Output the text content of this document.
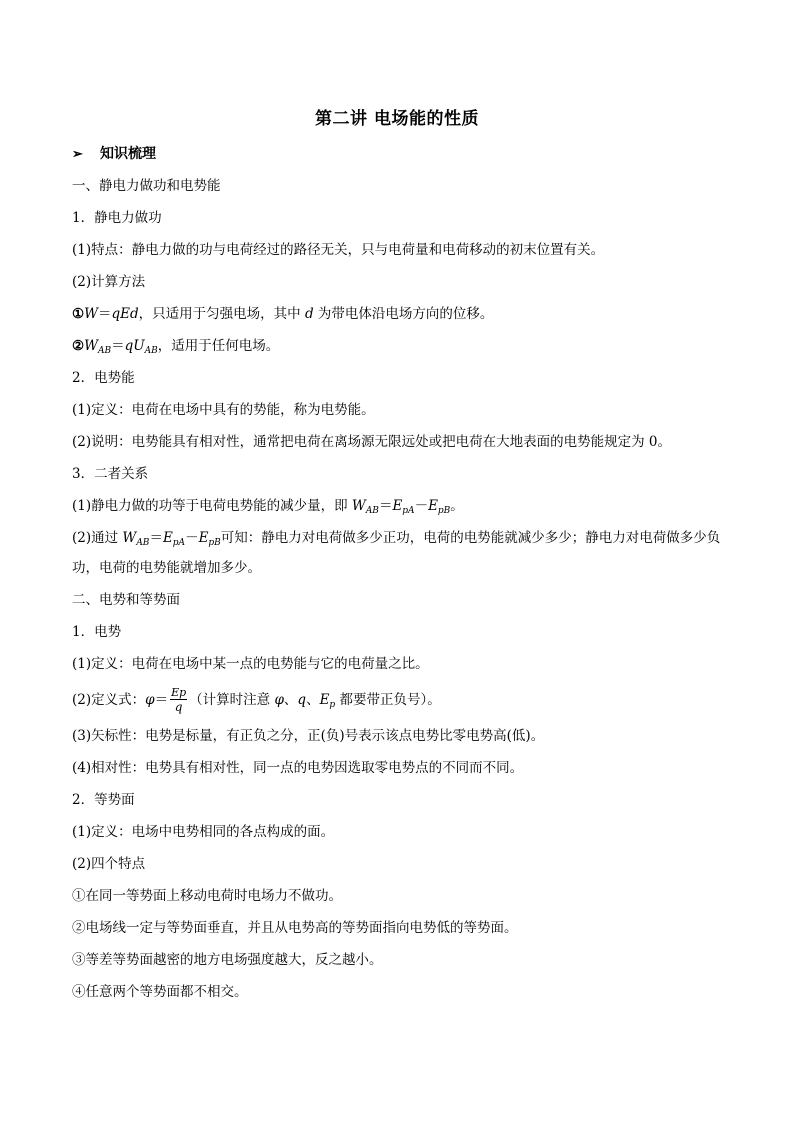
第二讲 电场能的性质
➢ 知识梳理
一、静电力做功和电势能
1．静电力做功
(1)特点：静电力做的功与电荷经过的路径无关，只与电荷量和电荷移动的初末位置有关。
(2)计算方法
①W＝qEd，只适用于匀强电场，其中 d 为带电体沿电场方向的位移。
$②W_{AB}=qU_{AB}$，适用于任何电场。
2．电势能
(1)定义：电荷在电场中具有的势能，称为电势能。
(2)说明：电势能具有相对性，通常把电荷在离场源无限远处或把电荷在大地表面的电势能规定为 0。
3．二者关系
(1)静电力做的功等于电荷电势能的减少量，即 $W_{AB}=E_{pA}-E_{pB}$。
(2)通过 $W_{AB}=E_{pA}-E_{pB}$可知：静电力对电荷做多少正功，电荷的电势能就减少多少；静电力对电荷做多少负
功，电荷的电势能就增加多少。
二、电势和等势面
1．电势
(1)定义：电荷在电场中某一点的电势能与它的电荷量之比。
(2)定义式：$\varphi= \frac{Ep}{q}$ （计算时注意 φ、q、$E_p$ 都要带正负号）。
(3)矢标性：电势是标量，有正负之分，正(负)号表示该点电势比零电势高(低)。
(4)相对性：电势具有相对性，同一点的电势因选取零电势点的不同而不同。
2．等势面
(1)定义：电场中电势相同的各点构成的面。
(2)四个特点
①在同一等势面上移动电荷时电场力不做功。
②电场线一定与等势面垂直，并且从电势高的等势面指向电势低的等势面。
③等差等势面越密的地方电场强度越大，反之越小。
④任意两个等势面都不相交。
